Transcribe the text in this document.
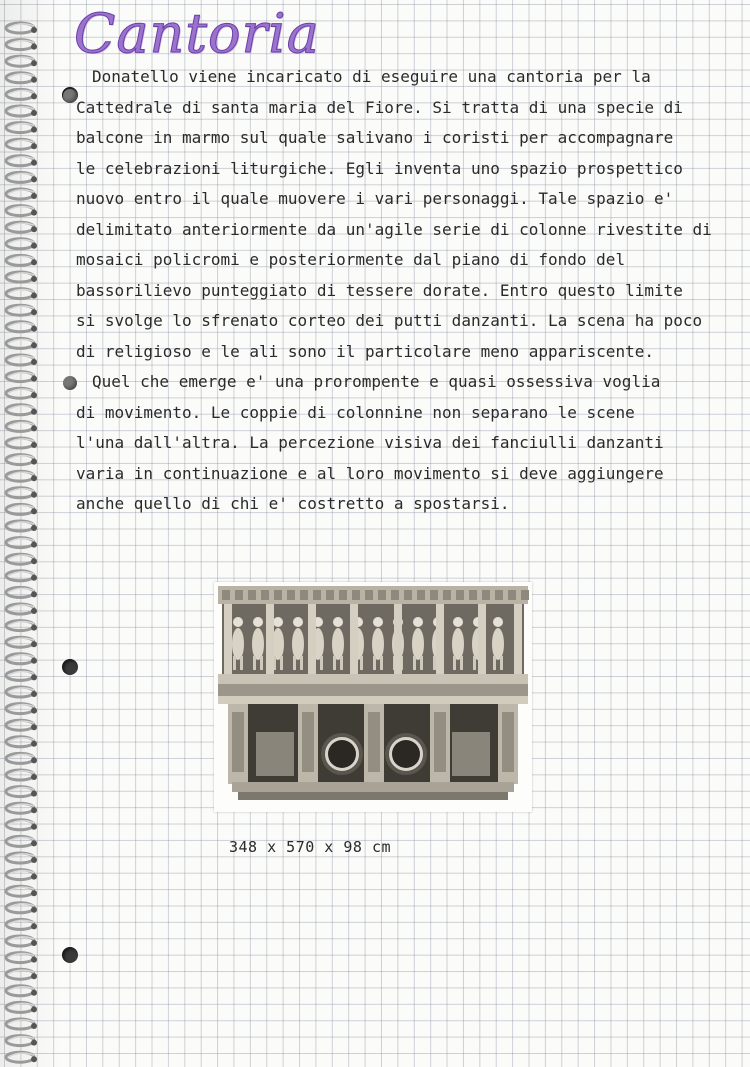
Cantoria
Donatello viene incaricato di eseguire una cantoria per la
Cattedrale di santa maria del Fiore. Si tratta di una specie di
balcone in marmo sul quale salivano i coristi per accompagnare
le celebrazioni liturgiche. Egli inventa uno spazio prospettico
nuovo entro il quale muovere i vari personaggi. Tale spazio e'
delimitato anteriormente da un'agile serie di colonne rivestite di
mosaici policromi e posteriormente dal piano di fondo del
bassorilievo punteggiato di tessere dorate. Entro questo limite
si svolge lo sfrenato corteo dei putti danzanti. La scena ha poco
di religioso e le ali sono il particolare meno appariscente.
Quel che emerge e' una prorompente e quasi ossessiva voglia
di movimento. Le coppie di colonnine non separano le scene
l'una dall'altra. La percezione visiva dei fanciulli danzanti
varia in continuazione e al loro movimento si deve aggiungere
anche quello di chi e' costretto a spostarsi.
348 x 570 x 98 cm
